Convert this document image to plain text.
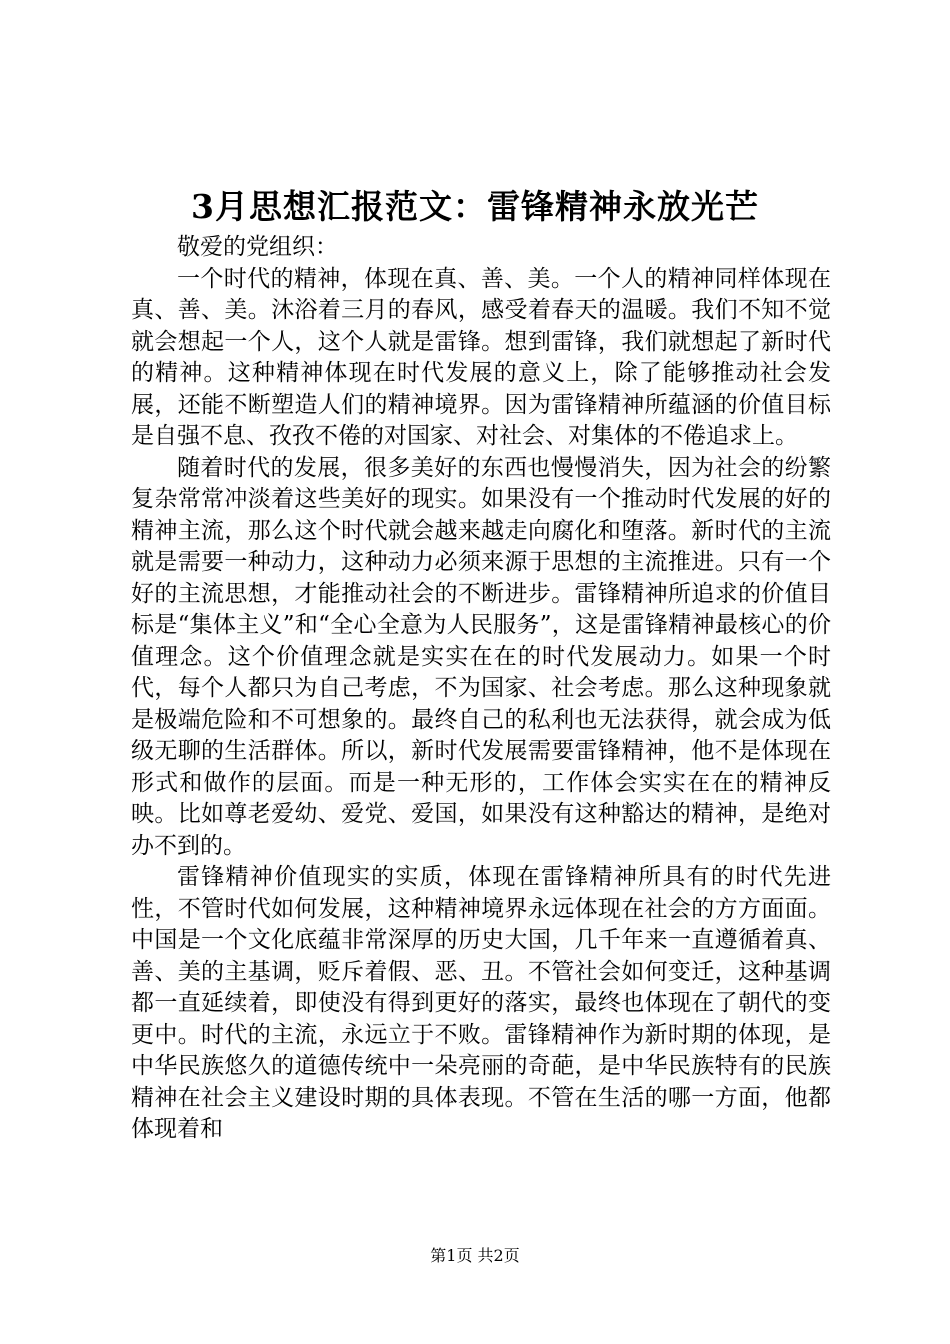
3月思想汇报范文：雷锋精神永放光芒

敬爱的党组织：

一个时代的精神，体现在真、善、美。一个人的精神同样体现在真、善、美。沐浴着三月的春风，感受着春天的温暖。我们不知不觉就会想起一个人，这个人就是雷锋。想到雷锋，我们就想起了新时代的精神。这种精神体现在时代发展的意义上，除了能够推动社会发展，还能不断塑造人们的精神境界。因为雷锋精神所蕴涵的价值目标是自强不息、孜孜不倦的对国家、对社会、对集体的不倦追求上。

随着时代的发展，很多美好的东西也慢慢消失，因为社会的纷繁复杂常常冲淡着这些美好的现实。如果没有一个推动时代发展的好的精神主流，那么这个时代就会越来越走向腐化和堕落。新时代的主流就是需要一种动力，这种动力必须来源于思想的主流推进。只有一个好的主流思想，才能推动社会的不断进步。雷锋精神所追求的价值目标是“集体主义”和“全心全意为人民服务”，这是雷锋精神最核心的价值理念。这个价值理念就是实实在在的时代发展动力。如果一个时代，每个人都只为自己考虑，不为国家、社会考虑。那么这种现象就是极端危险和不可想象的。最终自己的私利也无法获得，就会成为低级无聊的生活群体。所以，新时代发展需要雷锋精神，他不是体现在形式和做作的层面。而是一种无形的，工作体会实实在在的精神反映。比如尊老爱幼、爱党、爱国，如果没有这种豁达的精神，是绝对办不到的。

雷锋精神价值现实的实质，体现在雷锋精神所具有的时代先进性，不管时代如何发展，这种精神境界永远体现在社会的方方面面。中国是一个文化底蕴非常深厚的历史大国，几千年来一直遵循着真、善、美的主基调，贬斥着假、恶、丑。不管社会如何变迁，这种基调都一直延续着，即使没有得到更好的落实，最终也体现在了朝代的变更中。时代的主流，永远立于不败。雷锋精神作为新时期的体现，是中华民族悠久的道德传统中一朵亮丽的奇葩，是中华民族特有的民族精神在社会主义建设时期的具体表现。不管在生活的哪一方面，他都体现着和

第1页 共2页
